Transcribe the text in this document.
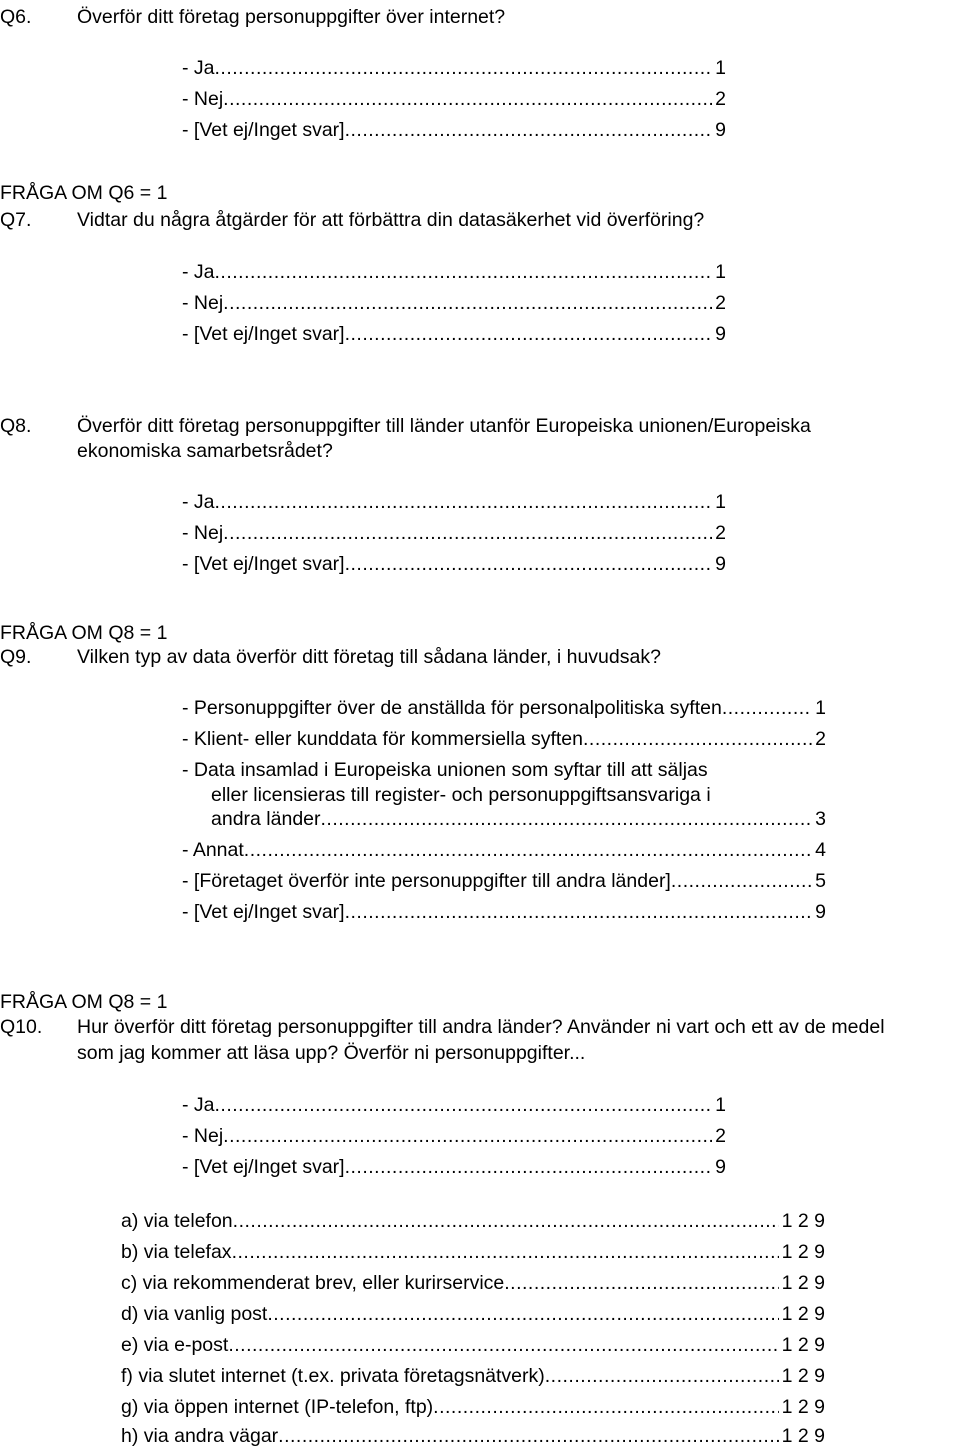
Q6. Överför ditt företag personuppgifter över internet?
- Ja .....	1
- Nej .....	2
- [Vet ej/Inget svar] .....	9
FRÅGA OM Q6 = 1
Q7. Vidtar du några åtgärder för att förbättra din datasäkerhet vid överföring?
- Ja .....	1
- Nej .....	2
- [Vet ej/Inget svar] .....	9
Q8. Överför ditt företag personuppgifter till länder utanför Europeiska unionen/Europeiska
ekonomiska samarbetsrådet?
- Ja .....	1
- Nej .....	2
- [Vet ej/Inget svar] .....	9
FRÅGA OM Q8 = 1
Q9. Vilken typ av data överför ditt företag till sådana länder, i huvudsak?
- Personuppgifter över de anställda för personalpolitiska syften .....	1
- Klient- eller kunddata för kommersiella syften .....	2
- Data insamlad i Europeiska unionen som syftar till att säljas
eller licensieras till register- och personuppgiftsansvariga i
andra länder .....	3
- Annat .....	4
- [Företaget överför inte personuppgifter till andra länder] .....	5
- [Vet ej/Inget svar] .....	9
FRÅGA OM Q8 = 1
Q10. Hur överför ditt företag personuppgifter till andra länder? Använder ni vart och ett av de medel
som jag kommer att läsa upp? Överför ni personuppgifter...
- Ja .....	1
- Nej .....	2
- [Vet ej/Inget svar] .....	9
a) via telefon .....	1 2 9
b) via telefax .....	1 2 9
c) via rekommenderat brev, eller kurirservice .....	1 2 9
d) via vanlig post .....	1 2 9
e) via e-post .....	1 2 9
f) via slutet internet (t.ex. privata företagsnätverk) .....	1 2 9
g) via öppen internet (IP-telefon, ftp) .....	1 2 9
h) via andra vägar .....	1 2 9
